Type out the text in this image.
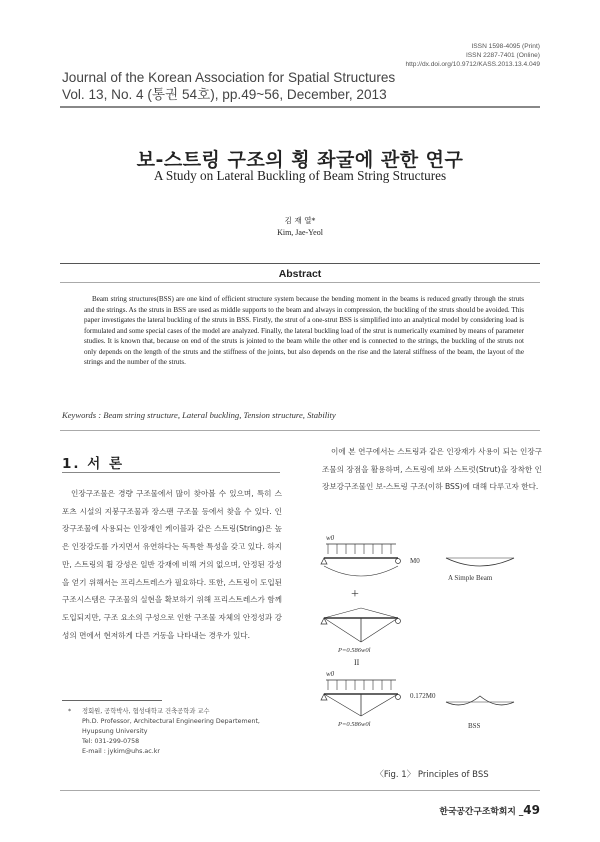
ISSN 1598-4095 (Print)
ISSN 2287-7401 (Online)
http://dx.doi.org/10.9712/KASS.2013.13.4.049
Journal of the Korean Association for Spatial Structures
Vol. 13, No. 4 (통권 54호), pp.49~56, December, 2013
보-스트링 구조의 횡 좌굴에 관한 연구
A Study on Lateral Buckling of Beam String Structures
김 재 열*
Kim, Jae-Yeol
Abstract
Beam string structures(BSS) are one kind of efficient structure system because the bending moment in the beams is reduced greatly through the struts and the strings. As the struts in BSS are used as middle supports to the beam and always in compression, the buckling of the struts should be avoided. This paper investigates the lateral buckling of the struts in BSS. Firstly, the strut of a one-strut BSS is simplified into an analytical model by considering load is formulated and some special cases of the model are analyzed. Finally, the lateral buckling load of the strut is numerically examined by means of parameter studies. It is known that, because on end of the struts is jointed to the beam while the other end is connected to the strings, the buckling of the struts not only depends on the length of the struts and the stiffness of the joints, but also depends on the rise and the lateral stiffness of the beam, the layout of the strings and the number of the struts.
Keywords : Beam string structure, Lateral buckling, Tension structure, Stability
1. 서 론
인장구조물은 경량 구조물에서 많이 찾아볼 수 있으며, 특히 스포츠 시설의 지붕구조물과 장스팬 구조물 등에서 찾을 수 있다. 인장구조물에 사용되는 인장재인 케이블과 같은 스트링(String)은 높은 인장강도를 가지면서 유연하다는 독특한 특성을 갖고 있다. 하지만, 스트링의 휨 강성은 일반 강재에 비해 거의 없으며, 안정된 강성을 얻기 위해서는 프리스트레스가 필요하다. 또한, 스트링이 도입된 구조시스템은 구조물의 실현을 확보하기 위해 프리스트레스가 함께 도입되지만, 구조 요소의 구성으로 인한 구조물 자체의 안정성과 강성의 면에서 현저하게 다른 거동을 나타내는 경우가 있다.
이에 본 연구에서는 스트링과 같은 인장재가 사용이 되는 인장구조물의 장점을 활용하며, 스트링에 보와 스트럿(Strut)을 장착한 인장보강구조물인 보-스트링 구조(이하 BSS)에 대해 다루고자 한다.
*	정회원, 공학박사, 협성대학교 건축공학과 교수
Ph.D. Professor, Architectural Engineering Departement,
Hyupsung University
Tel: 031-299-0758
E-mail : jykim@uhs.ac.kr
w0
M0
A Simple Beam
+
P=0.586w0l
II
w0
P=0.586w0l
0.172M0
BSS
〈Fig. 1〉 Principles of BSS
한국공간구조학회지 _49
